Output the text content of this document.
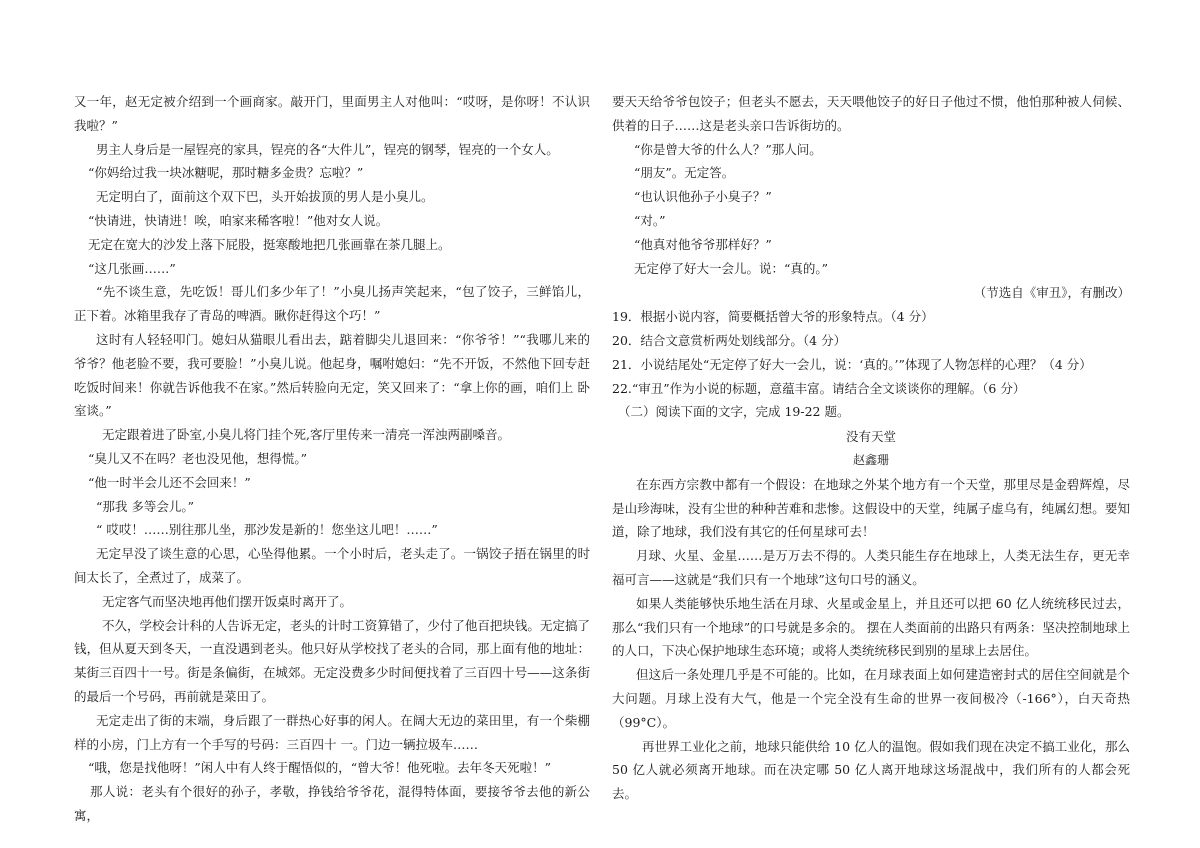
又一年，赵无定被介绍到一个画商家。敲开门，里面男主人对他叫：“哎呀，是你呀！不认识我啦？”

男主人身后是一屋锃亮的家具，锃亮的各“大件儿”，锃亮的钢琴，锃亮的一个女人。

“你妈给过我一块冰糖呢，那时糖多金贵？忘啦？”

无定明白了，面前这个双下巴，头开始拔顶的男人是小臭儿。

“快请进，快请进！唉，咱家来稀客啦！”他对女人说。

无定在宽大的沙发上落下屁股，挺寒酸地把几张画靠在茶几腿上。

“这几张画……”

“先不谈生意，先吃饭！哥儿们多少年了！”小臭儿扬声笑起来，“包了饺子，三鲜馅儿，正下着。冰箱里我存了青岛的啤酒。瞅你赶得这个巧！”

这时有人轻轻叩门。媳妇从猫眼儿看出去，踮着脚尖儿退回来：“你爷爷！”“我哪儿来的爷爷？他老脸不要，我可要脸！”小臭儿说。他起身，嘱咐媳妇：“先不开饭，不然他下回专赶吃饭时间来！你就告诉他我不在家。”然后转脸向无定，笑又回来了：“拿上你的画，咱们上 卧室谈。”

无定跟着进了卧室,小臭儿将门挂个死,客厅里传来一清亮一浑浊两副嗓音。

“臭儿又不在吗？老也没见他，想得慌。”

“他一时半会儿还不会回来！”

“那我 多等会儿。”

“ 哎哎！……别往那儿坐，那沙发是新的！您坐这儿吧！……”

无定早没了谈生意的心思，心坠得他累。一个小时后，老头走了。一锅饺子捂在锅里的时间太长了，全煮过了，成菜了。

无定客气而坚决地再他们摆开饭桌时离开了。

不久，学校会计科的人告诉无定，老头的计时工资算错了，少付了他百把块钱。无定搞了钱，但从夏天到冬天，一直没遇到老头。他只好从学校找了老头的合同，那上面有他的地址：某街三百四十一号。街是条偏街，在城郊。无定没费多少时间便找着了三百四十号——这条街的最后一个号码，再前就是菜田了。

无定走出了街的末端，身后跟了一群热心好事的闲人。在阔大无边的菜田里，有一个柴棚样的小房，门上方有一个手写的号码：三百四十 一。门边一辆拉圾车……

“哦，您是找他呀！”闲人中有人终于醒悟似的，“曾大爷！他死啦。去年冬天死啦！”

那人说：老头有个很好的孙子，孝敬，挣钱给爷爷花，混得特体面，要接爷爷去他的新公寓，

要天天给爷爷包饺子；但老头不愿去，天天喂他饺子的好日子他过不惯，他怕那种被人伺候、供着的日子……这是老头亲口告诉街坊的。

“你是曾大爷的什么人？”那人问。

“朋友”。无定答。

“也认识他孙子小臭子？”

“对。”

“他真对他爷爷那样好？”

无定停了好大一会儿。说：“真的。”

（节选自《审丑》，有删改）

19．根据小说内容，简要概括曾大爷的形象特点。（4 分）

20．结合文意赏析两处划线部分。（4 分）

21．小说结尾处“无定停了好大一会儿，说：‘真的。’”体现了人物怎样的心理？（4 分）

22.“审丑”作为小说的标题，意蕴丰富。请结合全文谈谈你的理解。（6 分）

（二）阅读下面的文字，完成 19-22 题。

没有天堂

赵鑫珊

在东西方宗教中都有一个假设：在地球之外某个地方有一个天堂，那里尽是金碧辉煌，尽是山珍海味，没有尘世的种种苦难和悲惨。这假设中的天堂，纯属子虚乌有，纯属幻想。要知道，除了地球，我们没有其它的任何星球可去！

月球、火星、金星……是万万去不得的。人类只能生存在地球上，人类无法生存，更无幸福可言——这就是“我们只有一个地球”这句口号的涵义。

如果人类能够快乐地生活在月球、火星或金星上，并且还可以把 60 亿人统统移民过去，那么“我们只有一个地球”的口号就是多余的。 摆在人类面前的出路只有两条：坚决控制地球上的人口，下决心保护地球生态环境；或将人类统统移民到别的星球上去居住。

但这后一条处理几乎是不可能的。比如，在月球表面上如何建造密封式的居住空间就是个大问题。月球上没有大气，他是一个完全没有生命的世界一夜间极冷（-166°），白天奇热（99°C）。

再世界工业化之前，地球只能供给 10 亿人的温饱。假如我们现在决定不搞工业化，那么 50 亿人就必须离开地球。而在决定哪 50 亿人离开地球这场混战中，我们所有的人都会死去。
